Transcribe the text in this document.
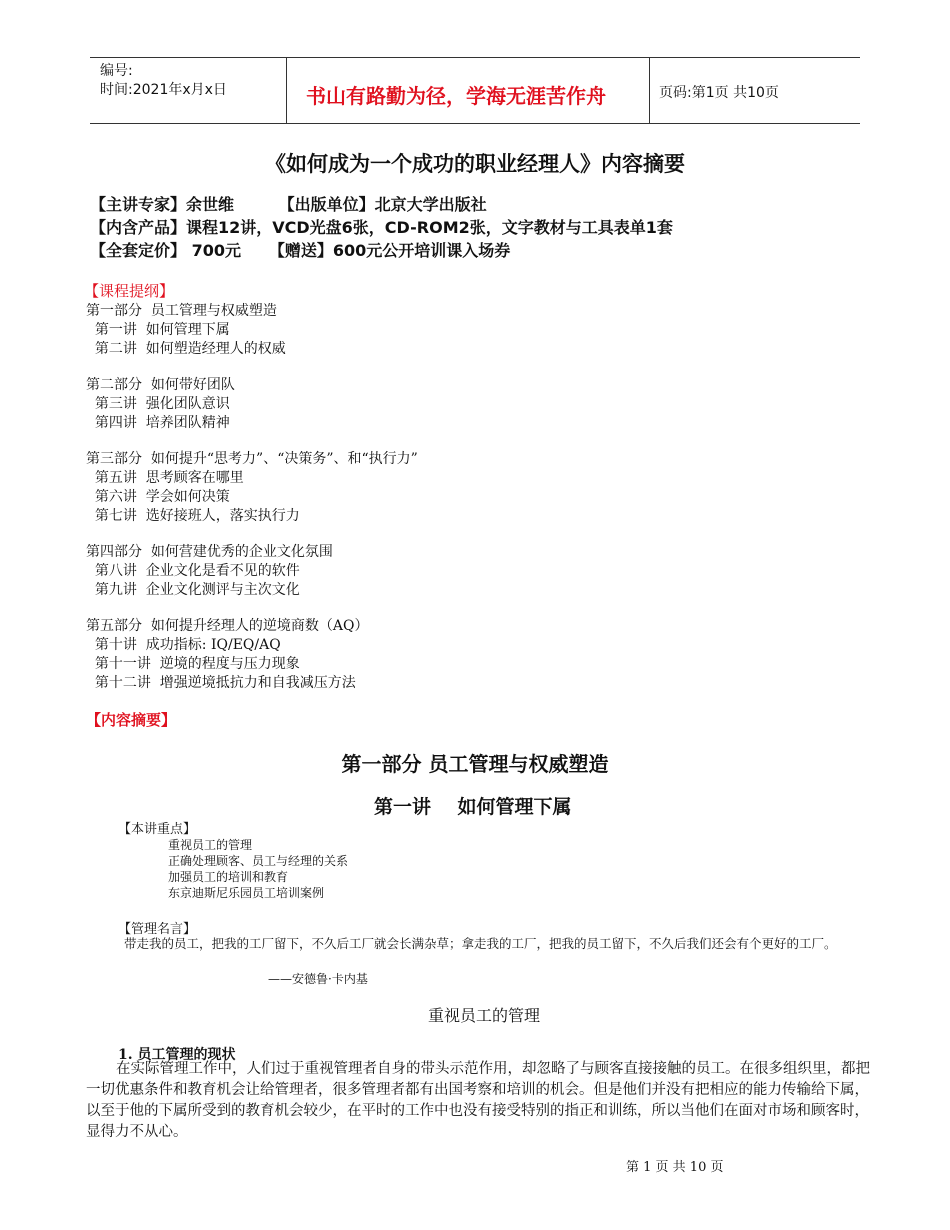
编号:
时间:2021年x月x日	书山有路勤为径，学海无涯苦作舟	页码:第1页 共10页
《如何成为一个成功的职业经理人》内容摘要
【主讲专家】余世维        【出版单位】北京大学出版社
【内含产品】课程12讲，VCD光盘6张，CD-ROM2张，文字教材与工具表单1套
【全套定价】 700元     【赠送】600元公开培训课入场券
【课程提纲】
第一部分  员工管理与权威塑造
第一讲  如何管理下属
第二讲  如何塑造经理人的权威
第二部分  如何带好团队
第三讲  强化团队意识
第四讲  培养团队精神
第三部分  如何提升“思考力”、“决策务”、和“执行力”
第五讲  思考顾客在哪里
第六讲  学会如何决策
第七讲  选好接班人，落实执行力
第四部分  如何营建优秀的企业文化氛围
第八讲  企业文化是看不见的软件
第九讲  企业文化测评与主次文化
第五部分  如何提升经理人的逆境商数（AQ）
第十讲  成功指标: IQ/EQ/AQ
第十一讲  逆境的程度与压力现象
第十二讲  增强逆境抵抗力和自我减压方法
【内容摘要】
第一部分 员工管理与权威塑造
第一讲    如何管理下属
【本讲重点】
重视员工的管理
正确处理顾客、员工与经理的关系
加强员工的培训和教育
东京迪斯尼乐园员工培训案例
【管理名言】
带走我的员工，把我的工厂留下，不久后工厂就会长满杂草；拿走我的工厂，把我的员工留下，不久后我们还会有个更好的工厂。
——安德鲁·卡内基
重视员工的管理
1. 员工管理的现状
在实际管理工作中，人们过于重视管理者自身的带头示范作用，却忽略了与顾客直接接触的员工。在很多组织里，都把一切优惠条件和教育机会让给管理者，很多管理者都有出国考察和培训的机会。但是他们并没有把相应的能力传输给下属，以至于他的下属所受到的教育机会较少，在平时的工作中也没有接受特别的指正和训练，所以当他们在面对市场和顾客时，显得力不从心。
第 1 页 共 10 页
